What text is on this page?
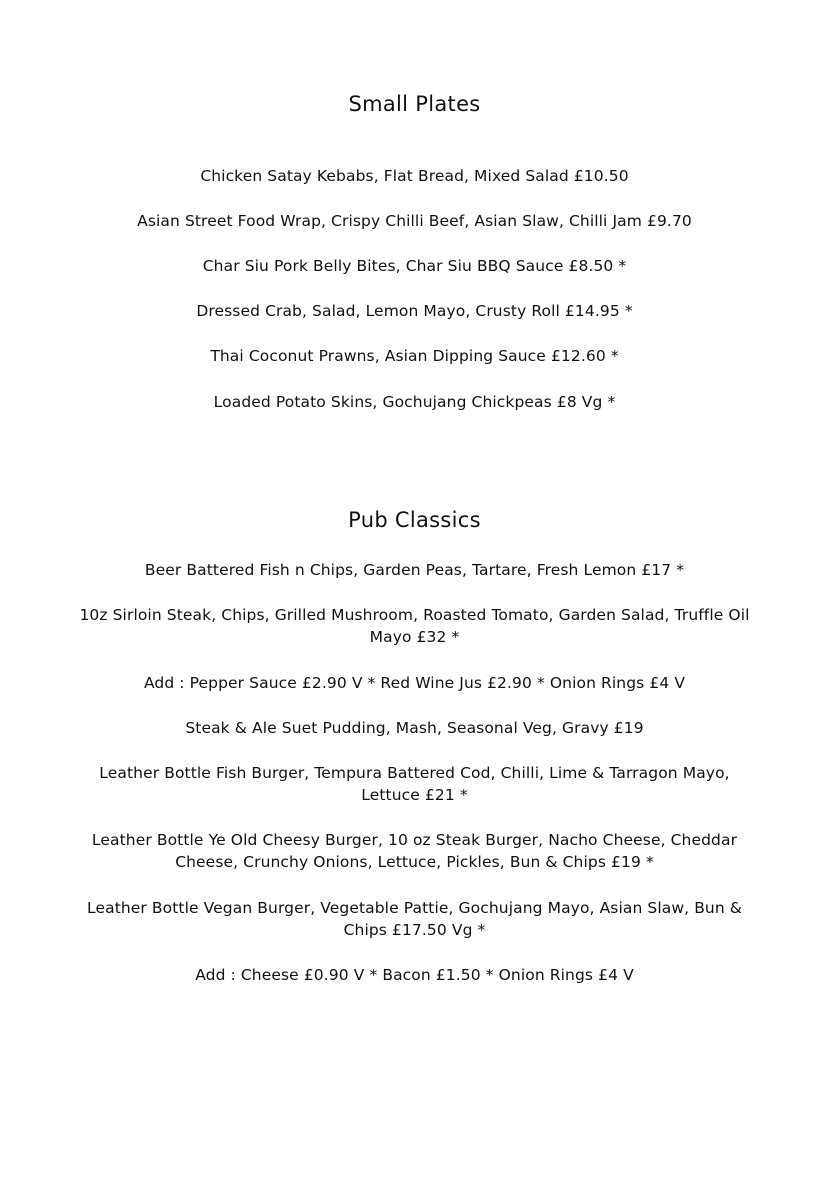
Small Plates

Chicken Satay Kebabs, Flat Bread, Mixed Salad £10.50

Asian Street Food Wrap, Crispy Chilli Beef, Asian Slaw, Chilli Jam £9.70

Char Siu Pork Belly Bites, Char Siu BBQ Sauce £8.50 *

Dressed Crab, Salad, Lemon Mayo, Crusty Roll £14.95 *

Thai Coconut Prawns, Asian Dipping Sauce £12.60 *

Loaded Potato Skins, Gochujang Chickpeas £8 Vg *

Pub Classics

Beer Battered Fish n Chips, Garden Peas, Tartare, Fresh Lemon £17 *

10z Sirloin Steak, Chips, Grilled Mushroom, Roasted Tomato, Garden Salad, Truffle Oil Mayo £32 *

Add : Pepper Sauce £2.90 V * Red Wine Jus £2.90 * Onion Rings £4 V

Steak & Ale Suet Pudding, Mash, Seasonal Veg, Gravy £19

Leather Bottle Fish Burger, Tempura Battered Cod, Chilli, Lime & Tarragon Mayo, Lettuce £21 *

Leather Bottle Ye Old Cheesy Burger, 10 oz Steak Burger, Nacho Cheese, Cheddar Cheese, Crunchy Onions, Lettuce, Pickles, Bun & Chips £19 *

Leather Bottle Vegan Burger, Vegetable Pattie, Gochujang Mayo, Asian Slaw, Bun & Chips £17.50 Vg *

Add : Cheese £0.90 V * Bacon £1.50 * Onion Rings £4 V
